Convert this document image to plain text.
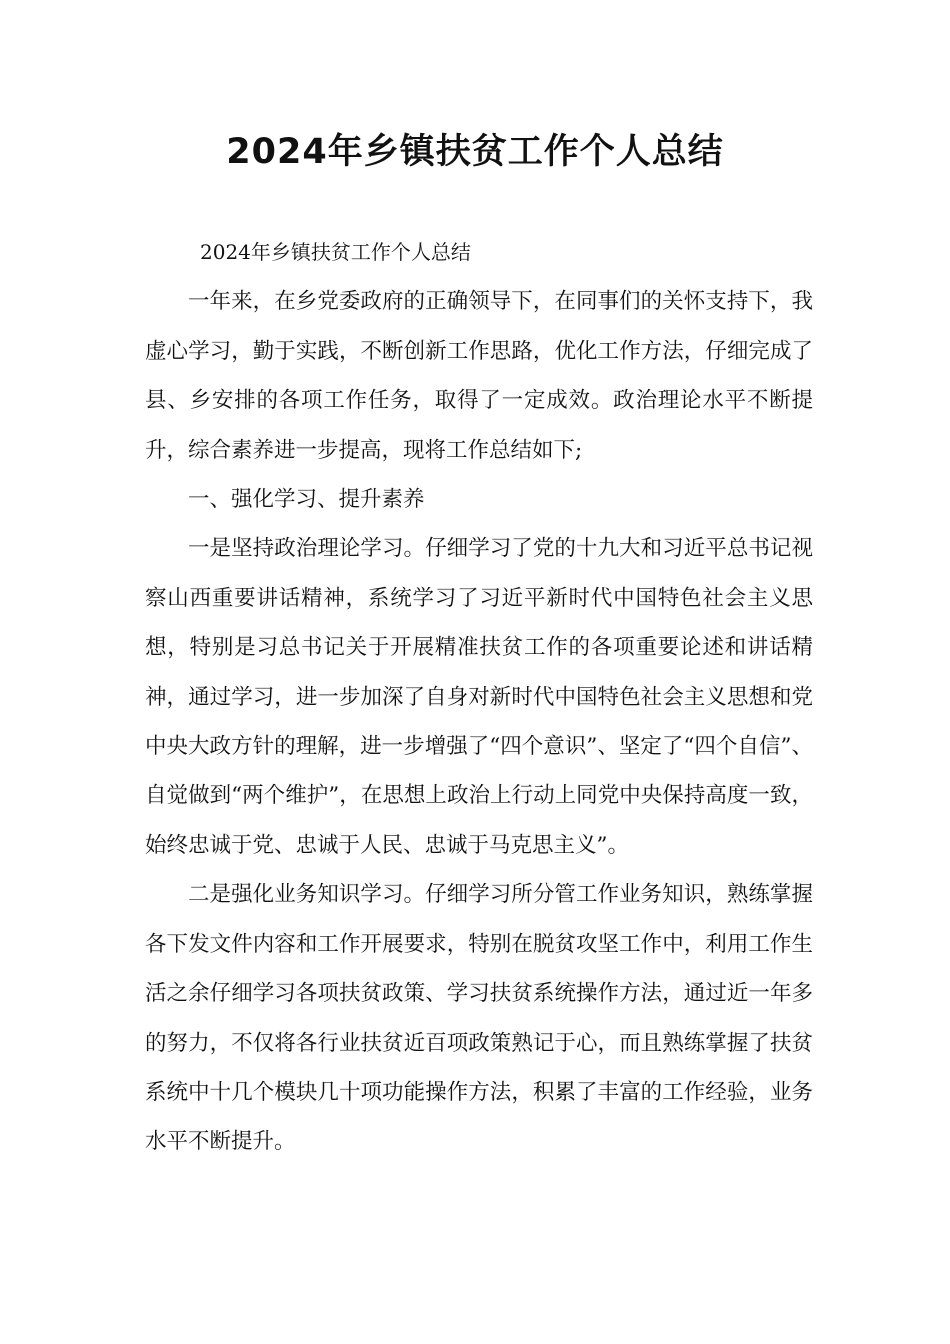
2024年乡镇扶贫工作个人总结

2024年乡镇扶贫工作个人总结

一年来，在乡党委政府的正确领导下，在同事们的关怀支持下，我虚心学习，勤于实践，不断创新工作思路，优化工作方法，仔细完成了县、乡安排的各项工作任务，取得了一定成效。政治理论水平不断提升，综合素养进一步提高，现将工作总结如下;

一、强化学习、提升素养

一是坚持政治理论学习。仔细学习了党的十九大和习近平总书记视察山西重要讲话精神，系统学习了习近平新时代中国特色社会主义思想，特别是习总书记关于开展精准扶贫工作的各项重要论述和讲话精神，通过学习，进一步加深了自身对新时代中国特色社会主义思想和党中央大政方针的理解，进一步增强了“四个意识”、坚定了“四个自信”、自觉做到“两个维护”，在思想上政治上行动上同党中央保持高度一致，始终忠诚于党、忠诚于人民、忠诚于马克思主义”。

二是强化业务知识学习。仔细学习所分管工作业务知识，熟练掌握各下发文件内容和工作开展要求，特别在脱贫攻坚工作中，利用工作生活之余仔细学习各项扶贫政策、学习扶贫系统操作方法，通过近一年多的努力，不仅将各行业扶贫近百项政策熟记于心，而且熟练掌握了扶贫系统中十几个模块几十项功能操作方法，积累了丰富的工作经验，业务水平不断提升。
